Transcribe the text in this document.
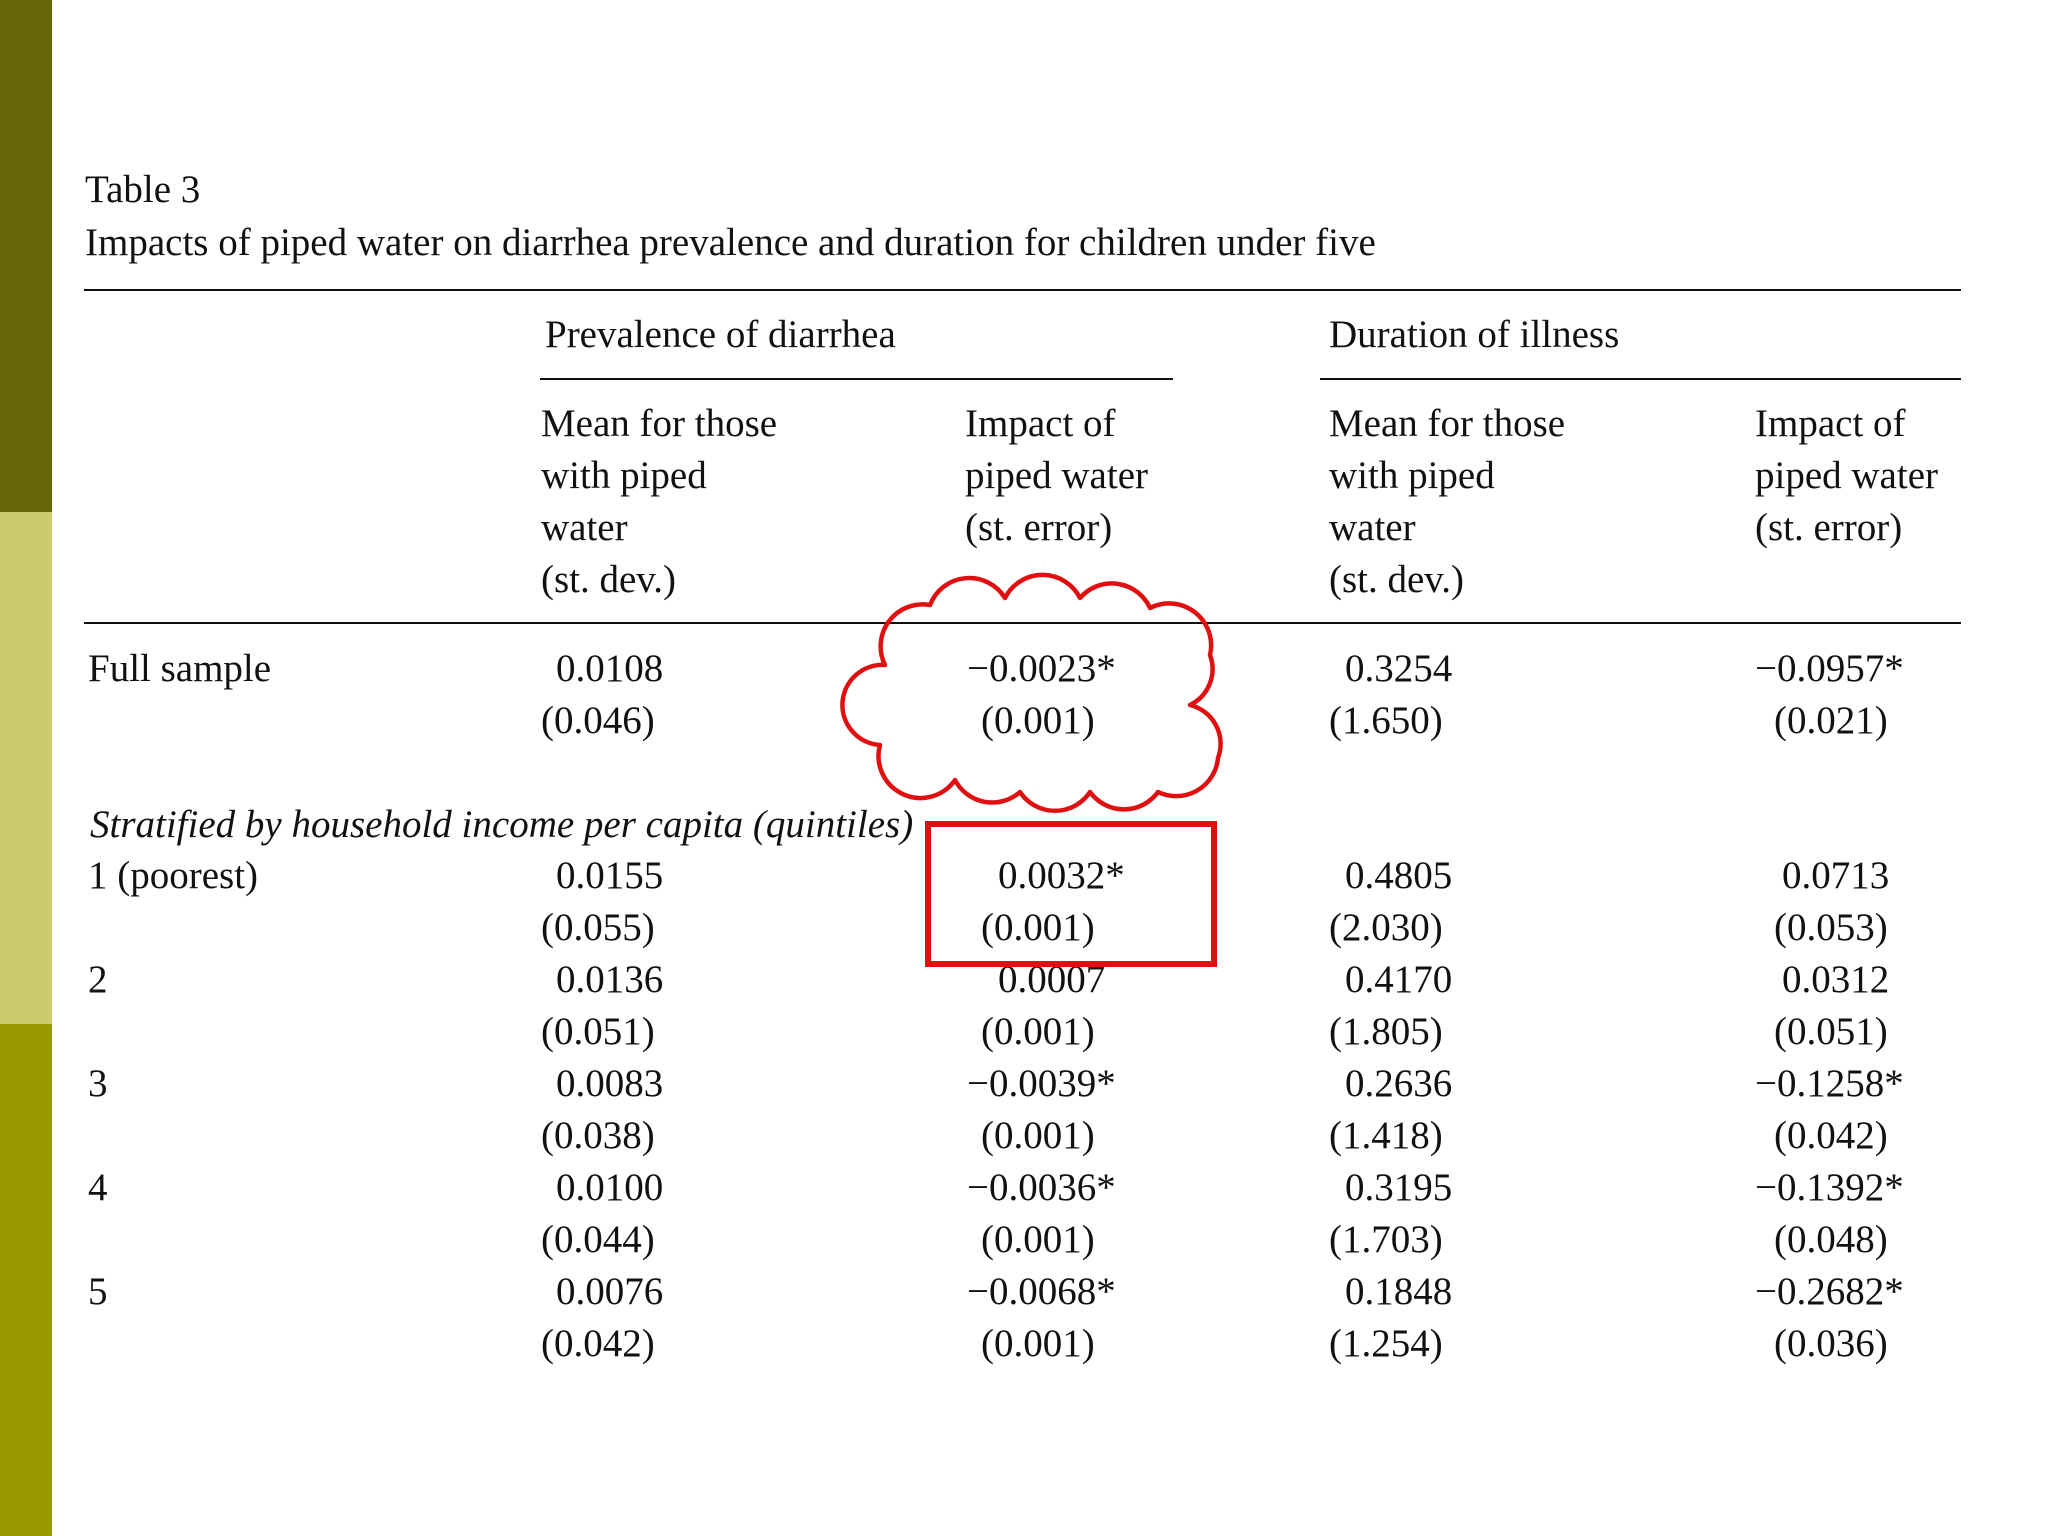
Table 3
Impacts of piped water on diarrhea prevalence and duration for children under five
Prevalence of diarrhea	Duration of illness
Mean for those
with piped
water
(st. dev.)
Impact of
piped water
(st. error)
Mean for those
with piped
water
(st. dev.)
Impact of
piped water
(st. error)
Full sample	0.0108	−0.0023*	0.3254	−0.0957*
(0.046)	(0.001)	(1.650)	(0.021)
Stratified by household income per capita (quintiles)
1 (poorest)	0.0155	0.0032*	0.4805	0.0713
(0.055)	(0.001)	(2.030)	(0.053)
2	0.0136	0.0007	0.4170	0.0312
(0.051)	(0.001)	(1.805)	(0.051)
3	0.0083	−0.0039*	0.2636	−0.1258*
(0.038)	(0.001)	(1.418)	(0.042)
4	0.0100	−0.0036*	0.3195	−0.1392*
(0.044)	(0.001)	(1.703)	(0.048)
5	0.0076	−0.0068*	0.1848	−0.2682*
(0.042)	(0.001)	(1.254)	(0.036)
